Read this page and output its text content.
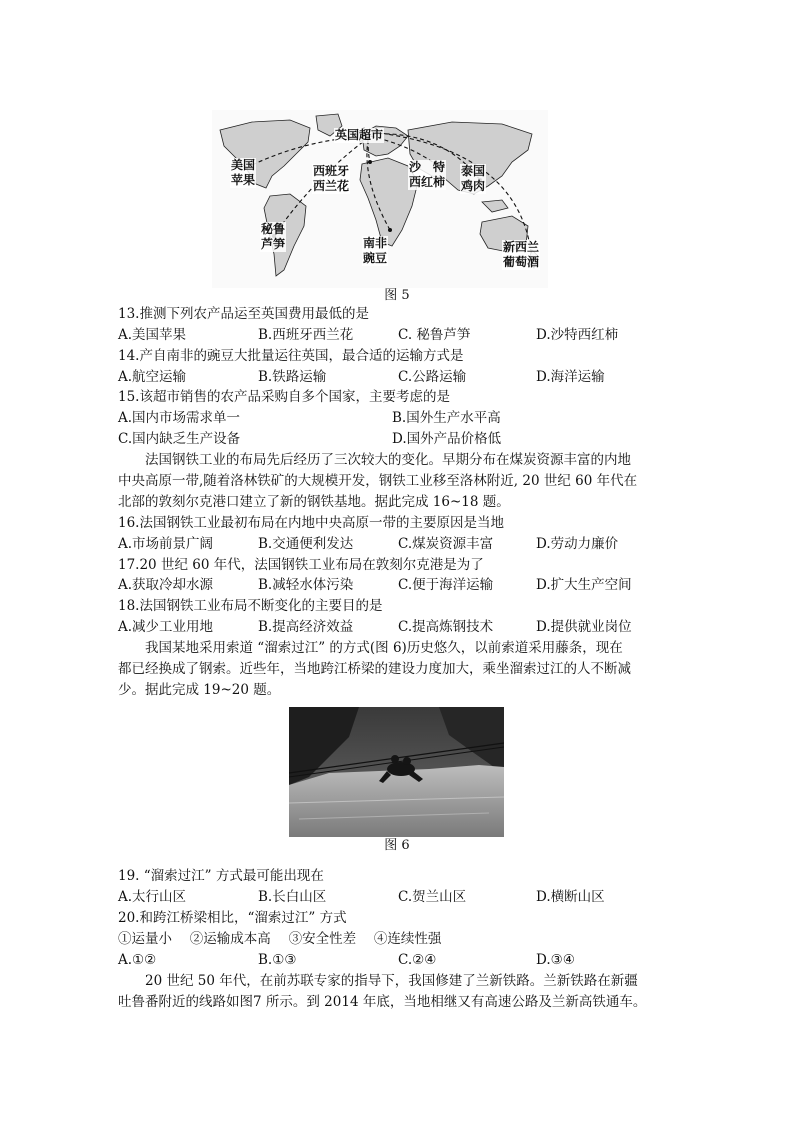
英国超市
美国
苹果
西班牙
西兰花
沙　特
西红柿
泰国
鸡肉
秘鲁
芦笋	南非
豌豆
新西兰
葡萄酒
图 5
13.推测下列农产品运至英国费用最低的是
A.美国苹果	B.西班牙西兰花	C. 秘鲁芦笋	D.沙特西红柿
14.产自南非的豌豆大批量运往英国，最合适的运输方式是
A.航空运输	B.铁路运输	C.公路运输	D.海洋运输
15.该超市销售的农产品采购自多个国家，主要考虑的是
A.国内市场需求单一	B.国外生产水平高
C.国内缺乏生产设备	D.国外产品价格低
法国钢铁工业的布局先后经历了三次较大的变化。早期分布在煤炭资源丰富的内地
中央高原一带,随着洛林铁矿的大规模开发，钢铁工业移至洛林附近, 20 世纪 60 年代在
北部的敦刻尔克港口建立了新的钢铁基地。据此完成 16~18 题。
16.法国钢铁工业最初布局在内地中央高原一带的主要原因是当地
A.市场前景广阔	B.交通便利发达	C.煤炭资源丰富	D.劳动力廉价
17.20 世纪 60 年代，法国钢铁工业布局在敦刻尔克港是为了
A.获取冷却水源	B.减轻水体污染	C.便于海洋运输	D.扩大生产空间
18.法国钢铁工业布局不断变化的主要目的是
A.减少工业用地	B.提高经济效益	C.提高炼钢技术	D.提供就业岗位
我国某地采用索道 “溜索过江” 的方式(图 6)历史悠久，以前索道采用藤条，现在
都已经换成了钢索。近些年，当地跨江桥梁的建设力度加大，乘坐溜索过江的人不断减
少。据此完成 19~20 题。
图 6
19. “溜索过江” 方式最可能出现在
A.太行山区	B.长白山区	C.贺兰山区	D.横断山区
20.和跨江桥梁相比，“溜索过江” 方式
①运量小　 ②运输成本高　 ③安全性差　 ④连续性强
A.①②	B.①③	C.②④	D.③④
20 世纪 50 年代，在前苏联专家的指导下，我国修建了兰新铁路。兰新铁路在新疆
吐鲁番附近的线路如图7 所示。到 2014 年底，当地相继又有高速公路及兰新高铁通车。
